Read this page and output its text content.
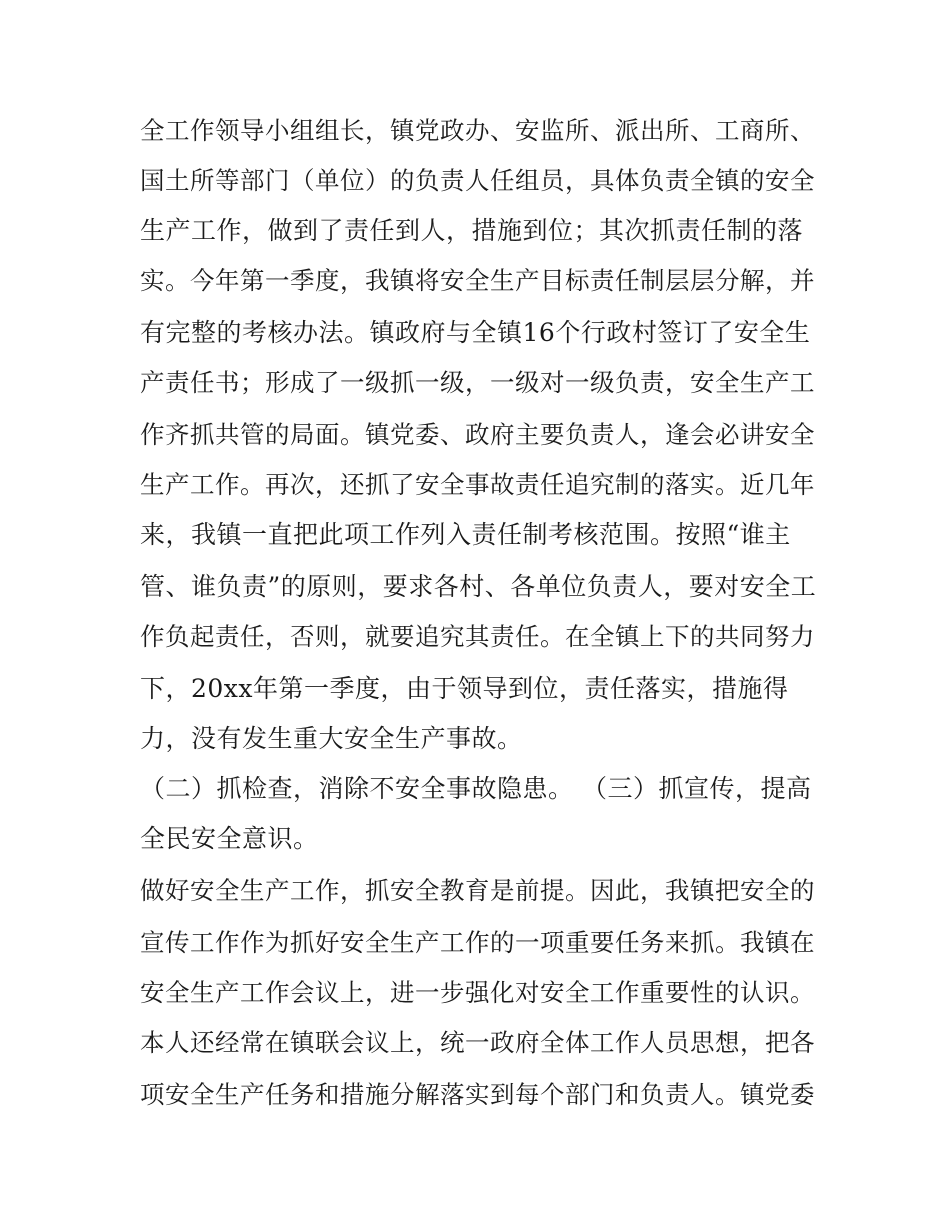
全工作领导小组组长，镇党政办、安监所、派出所、工商所、
国土所等部门（单位）的负责人任组员，具体负责全镇的安全
生产工作，做到了责任到人，措施到位；其次抓责任制的落
实。今年第一季度，我镇将安全生产目标责任制层层分解，并
有完整的考核办法。镇政府与全镇16个行政村签订了安全生
产责任书；形成了一级抓一级，一级对一级负责，安全生产工
作齐抓共管的局面。镇党委、政府主要负责人，逢会必讲安全
生产工作。再次，还抓了安全事故责任追究制的落实。近几年
来，我镇一直把此项工作列入责任制考核范围。按照“谁主
管、谁负责”的原则，要求各村、各单位负责人，要对安全工
作负起责任，否则，就要追究其责任。在全镇上下的共同努力
下，20xx年第一季度，由于领导到位，责任落实，措施得
力，没有发生重大安全生产事故。
（二）抓检查，消除不安全事故隐患。 （三）抓宣传，提高
全民安全意识。
做好安全生产工作，抓安全教育是前提。因此，我镇把安全的
宣传工作作为抓好安全生产工作的一项重要任务来抓。我镇在
安全生产工作会议上，进一步强化对安全工作重要性的认识。
本人还经常在镇联会议上，统一政府全体工作人员思想，把各
项安全生产任务和措施分解落实到每个部门和负责人。镇党委
